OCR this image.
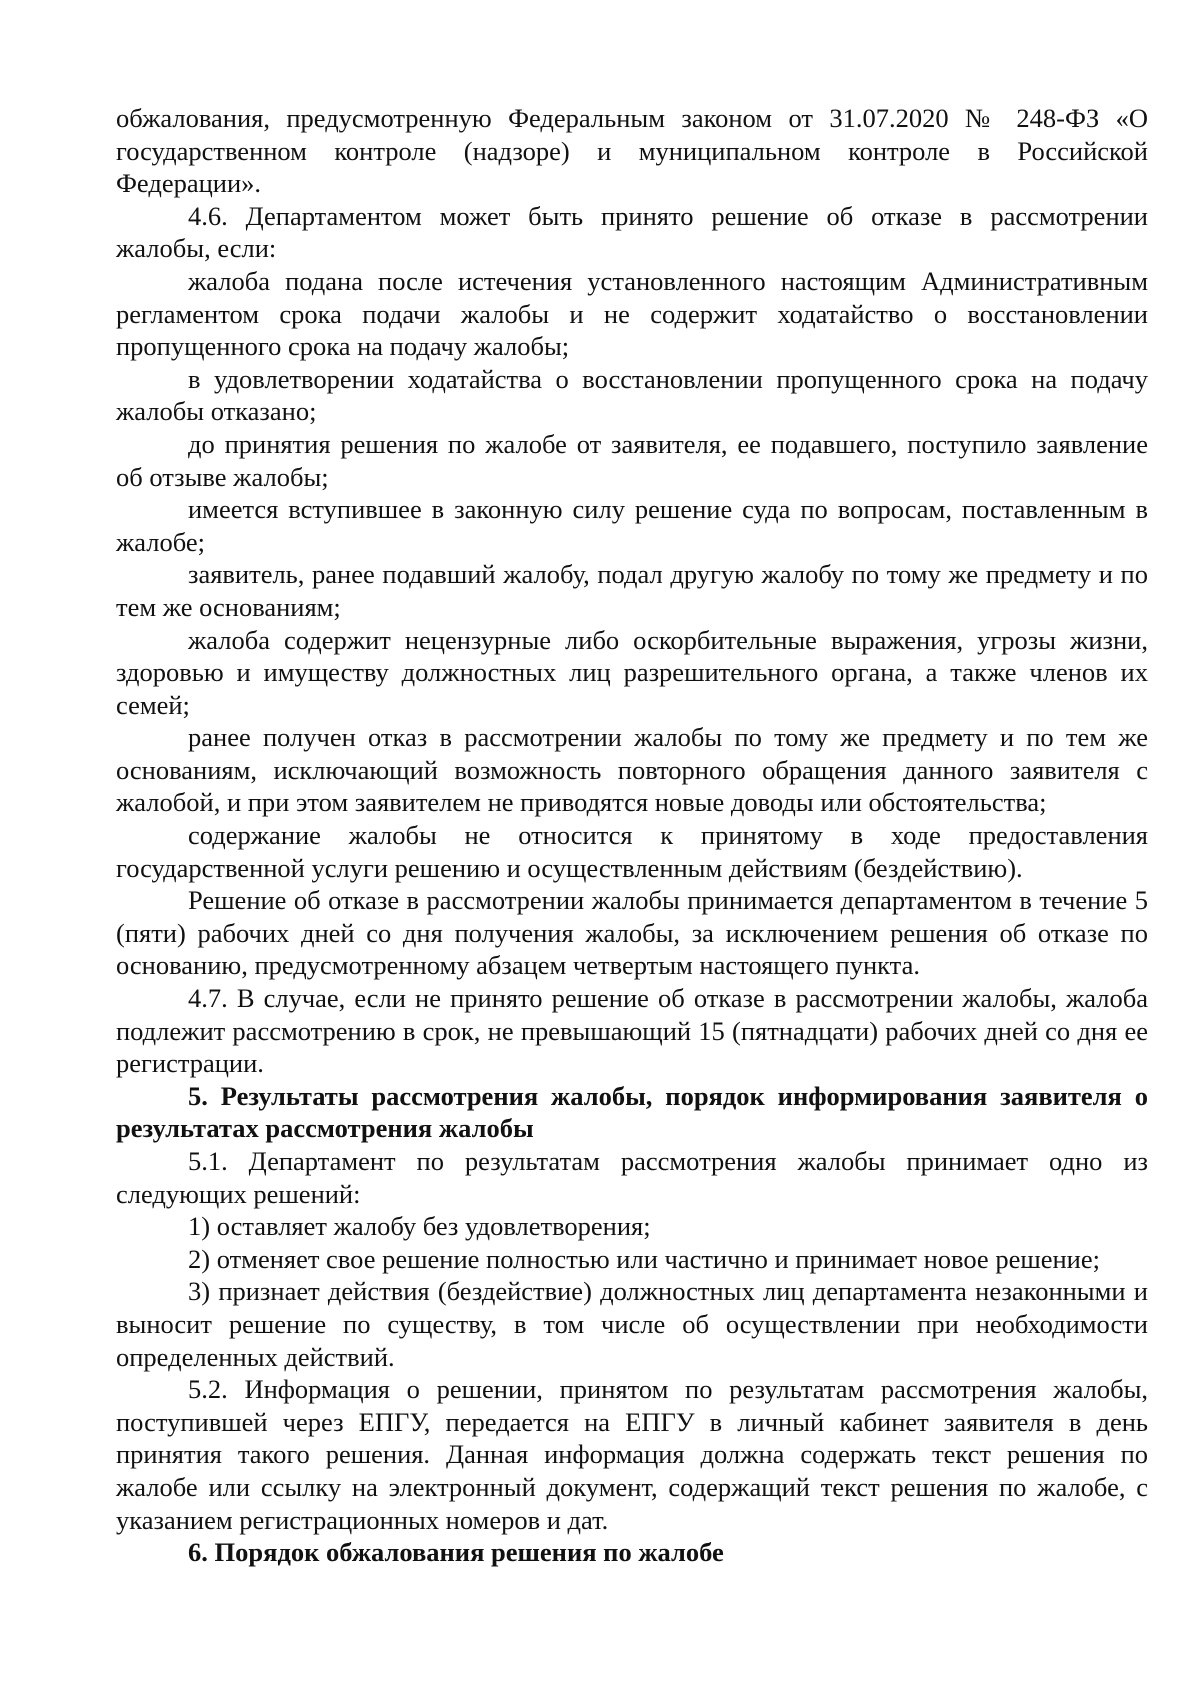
обжалования, предусмотренную Федеральным законом от 31.07.2020 № 248-ФЗ «О государственном контроле (надзоре) и муниципальном контроле в Российской Федерации».

4.6. Департаментом может быть принято решение об отказе в рассмотрении жалобы, если:

жалоба подана после истечения установленного настоящим Административным регламентом срока подачи жалобы и не содержит ходатайство о восстановлении пропущенного срока на подачу жалобы;

в удовлетворении ходатайства о восстановлении пропущенного срока на подачу жалобы отказано;

до принятия решения по жалобе от заявителя, ее подавшего, поступило заявление об отзыве жалобы;

имеется вступившее в законную силу решение суда по вопросам, поставленным в жалобе;

заявитель, ранее подавший жалобу, подал другую жалобу по тому же предмету и по тем же основаниям;

жалоба содержит нецензурные либо оскорбительные выражения, угрозы жизни, здоровью и имуществу должностных лиц разрешительного органа, а также членов их семей;

ранее получен отказ в рассмотрении жалобы по тому же предмету и по тем же основаниям, исключающий возможность повторного обращения данного заявителя с жалобой, и при этом заявителем не приводятся новые доводы или обстоятельства;

содержание жалобы не относится к принятому в ходе предоставления государственной услуги решению и осуществленным действиям (бездействию).

Решение об отказе в рассмотрении жалобы принимается департаментом в течение 5 (пяти) рабочих дней со дня получения жалобы, за исключением решения об отказе по основанию, предусмотренному абзацем четвертым настоящего пункта.

4.7. В случае, если не принято решение об отказе в рассмотрении жалобы, жалоба подлежит рассмотрению в срок, не превышающий 15 (пятнадцати) рабочих дней со дня ее регистрации.

5. Результаты рассмотрения жалобы, порядок информирования заявителя о результатах рассмотрения жалобы

5.1. Департамент по результатам рассмотрения жалобы принимает одно из следующих решений:

1) оставляет жалобу без удовлетворения;

2) отменяет свое решение полностью или частично и принимает новое решение;

3) признает действия (бездействие) должностных лиц департамента незаконными и выносит решение по существу, в том числе об осуществлении при необходимости определенных действий.

5.2. Информация о решении, принятом по результатам рассмотрения жалобы, поступившей через ЕПГУ, передается на ЕПГУ в личный кабинет заявителя в день принятия такого решения. Данная информация должна содержать текст решения по жалобе или ссылку на электронный документ, содержащий текст решения по жалобе, с указанием регистрационных номеров и дат.

6. Порядок обжалования решения по жалобе
